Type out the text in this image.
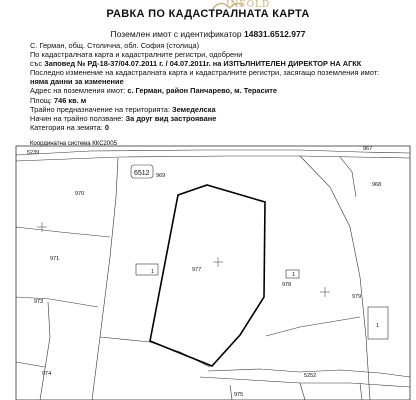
INFOLD
РАВКА ПО КАДАСТРАЛНАТА КАРТА
Поземлен имот с идентификатор 14831.6512.977
С. Герман, общ. Столична, обл. София (столица)
По кадастралната карта и кадастралните регистри, одобрени
със Заповед № РД-18-37/04.07.2011 г. / 04.07.2011г. на ИЗПЪЛНИТЕЛЕН ДИРЕКТОР НА АГКК
Последно изменение на кадастралната карта и кадастралните регистри, засягащо поземления имот:
няма данни за изменение
Адрес на поземления имот: с. Герман, район Панчарево, м. Терасите
Площ: 746 кв. м
Трайно предназначение на територията: Земеделска
Начин на трайно ползване: За друг вид застрояване
Категория на земята: 0
Координатна система ККС2005
6512 969
970
971
973
974
977
978
979
967
968
5239
5252
975
1	1
1
